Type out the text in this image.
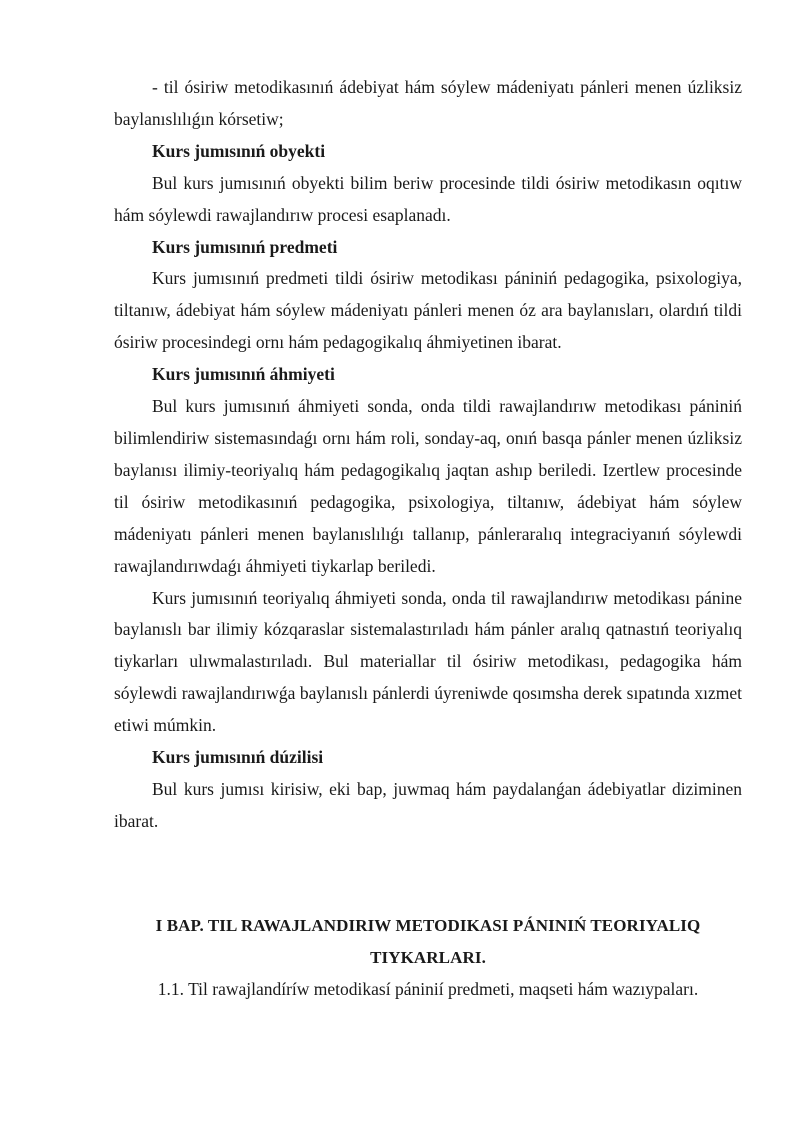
- til ósiriw metodikasınıń ádebiyat hám sóylew mádeniyatı pánleri menen úzliksiz baylanıslılıǵın kórsetiw;

Kurs jumısınıń obyekti

Bul kurs jumısınıń obyekti bilim beriw procesinde tildi ósiriw metodikasın oqıtıw hám sóylewdi rawajlandırıw procesi esaplanadı.

Kurs jumısınıń predmeti

Kurs jumısınıń predmeti tildi ósiriw metodikası pániniń pedagogika, psixologiya, tiltanıw, ádebiyat hám sóylew mádeniyatı pánleri menen óz ara baylanısları, olardıń tildi ósiriw procesindegi ornı hám pedagogikalıq áhmiyetinen ibarat.

Kurs jumısınıń áhmiyeti

Bul kurs jumısınıń áhmiyeti sonda, onda tildi rawajlandırıw metodikası pániniń bilimlendiriw sistemasındaǵı ornı hám roli, sonday-aq, onıń basqa pánler menen úzliksiz baylanısı ilimiy-teoriyalıq hám pedagogikalıq jaqtan ashıp beriledi. Izertlew procesinde til ósiriw metodikasınıń pedagogika, psixologiya, tiltanıw, ádebiyat hám sóylew mádeniyatı pánleri menen baylanıslılıǵı tallanıp, pánleraralıq integraciyanıń sóylewdi rawajlandırıwdaǵı áhmiyeti tiykarlap beriledi.

Kurs jumısınıń teoriyalıq áhmiyeti sonda, onda til rawajlandırıw metodikası pánine baylanıslı bar ilimiy kózqaraslar sistemalastırıladı hám pánler aralıq qatnastıń teoriyalıq tiykarları ulıwmalastırıladı. Bul materiallar til ósiriw metodikası, pedagogika hám sóylewdi rawajlandırıwǵa baylanıslı pánlerdi úyreniwde qosımsha derek sıpatında xızmet etiwi múmkin.

Kurs jumısınıń dúzilisi

Bul kurs jumısı kirisiw, eki bap, juwmaq hám paydalanǵan ádebiyatlar diziminen ibarat.

I BAP. TIL RAWAJLANDIRIW METODIKASI PÁNINIŃ TEORIYALIQ TIYKARLARI.

1.1. Til rawajlandíríw metodikasí páninií predmeti, maqseti hám wazıypaları.
